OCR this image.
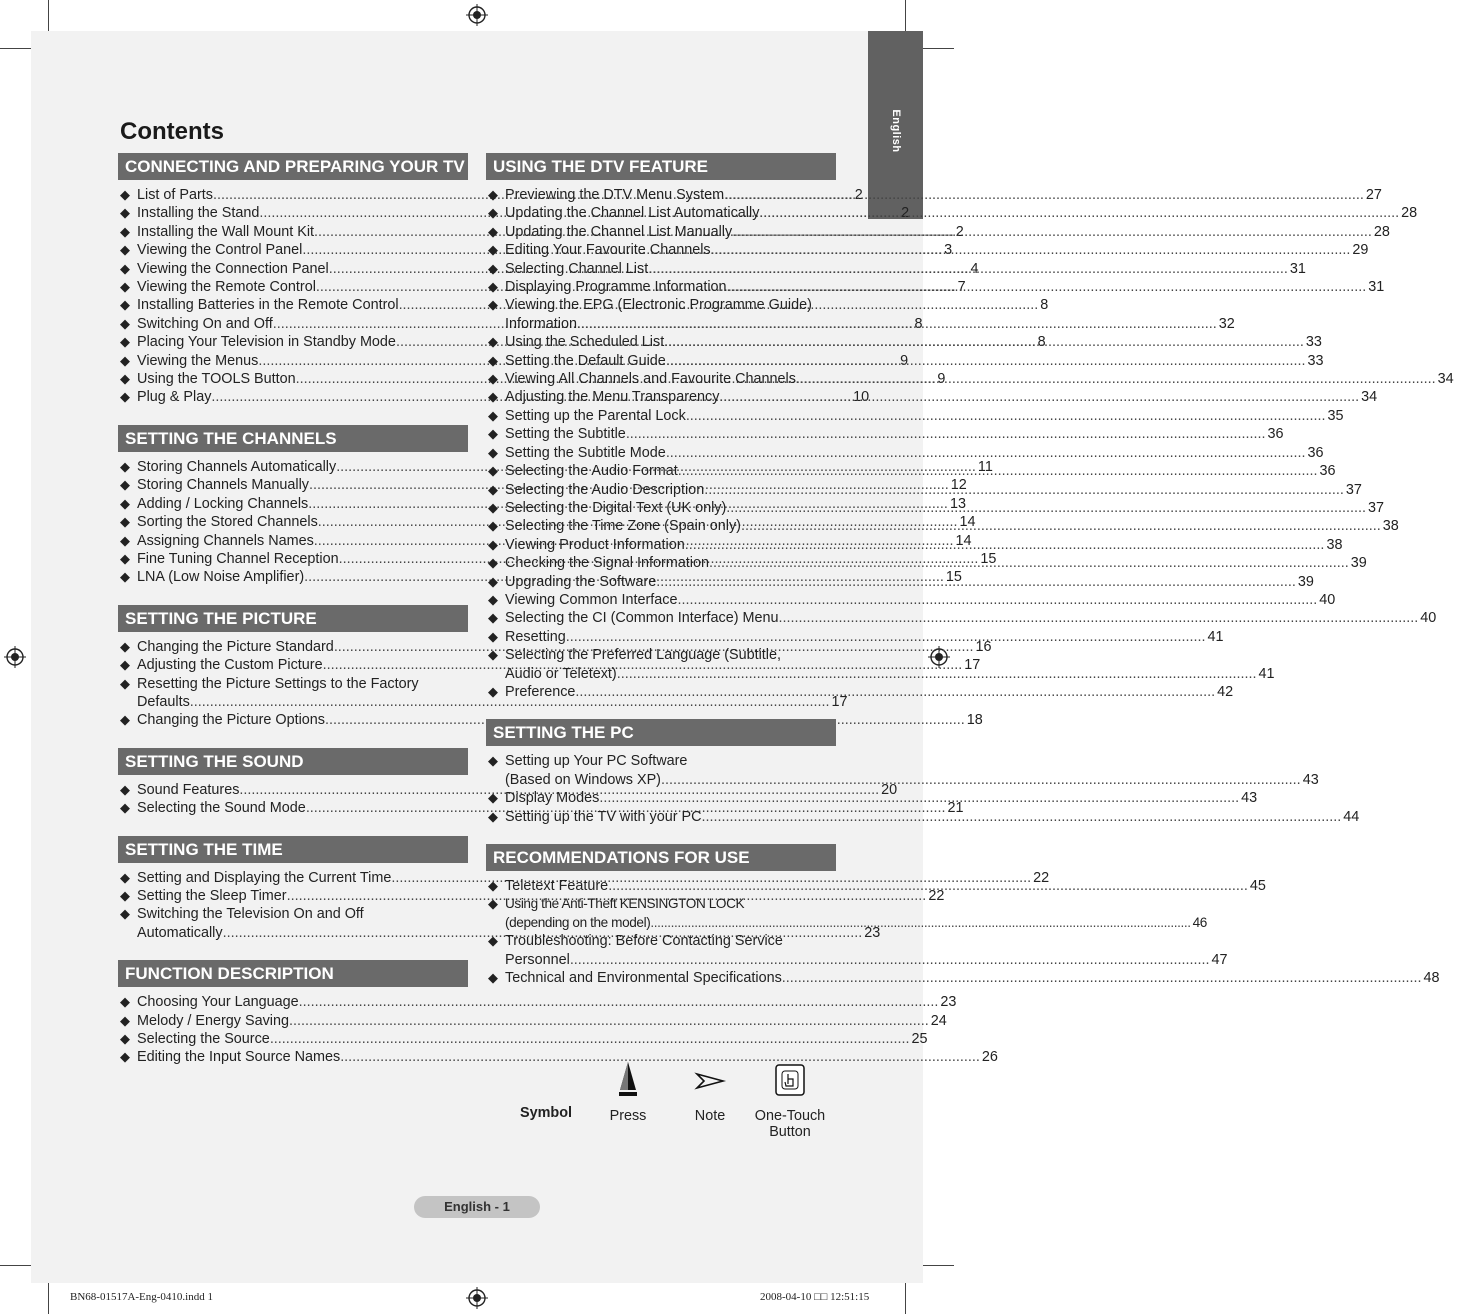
English
Contents
CONNECTING AND PREPARING YOUR TV
◆ List of Parts .....	2
◆ Installing the Stand .....	2
◆ Installing the Wall Mount Kit .....	2
◆ Viewing the Control Panel .....	3
◆ Viewing the Connection Panel .....	4
◆ Viewing the Remote Control .....	7
◆ Installing Batteries in the Remote Control .....	8
◆ Switching On and Off .....	8
◆ Placing Your Television in Standby Mode .....	8
◆ Viewing the Menus .....	9
◆ Using the TOOLS Button .....	9
◆ Plug & Play .....	10
SETTING THE CHANNELS
◆ Storing Channels Automatically .....	11
◆ Storing Channels Manually .....	12
◆ Adding / Locking Channels .....	13
◆ Sorting the Stored Channels .....	14
◆ Assigning Channels Names .....	14
◆ Fine Tuning Channel Reception .....	15
◆ LNA (Low Noise Amplifier) .....	15
SETTING THE PICTURE
◆ Changing the Picture Standard .....	16
◆ Adjusting the Custom Picture .....	17
◆ Resetting the Picture Settings to the Factory
Defaults .....	17
◆ Changing the Picture Options .....	18
SETTING THE SOUND
◆ Sound Features .....	20
◆ Selecting the Sound Mode .....	21
SETTING THE TIME
◆ Setting and Displaying the Current Time .....	22
◆ Setting the Sleep Timer .....	22
◆ Switching the Television On and Off
Automatically .....	23
FUNCTION DESCRIPTION
◆ Choosing Your Language .....	23
◆ Melody / Energy Saving .....	24
◆ Selecting the Source .....	25
◆ Editing the Input Source Names .....	26
USING THE DTV FEATURE
◆ Previewing the DTV Menu System .....	27
◆ Updating the Channel List Automatically .....	28
◆ Updating the Channel List Manually .....	28
◆ Editing Your Favourite Channels .....	29
◆ Selecting Channel List .....	31
◆ Displaying Programme Information .....	31
◆ Viewing the EPG (Electronic Programme Guide)
Information .....	32
◆ Using the Scheduled List .....	33
◆ Setting the Default Guide .....	33
◆ Viewing All Channels and Favourite Channels .....	34
◆ Adjusting the Menu Transparency .....	34
◆ Setting up the Parental Lock .....	35
◆ Setting the Subtitle .....	36
◆ Setting the Subtitle Mode .....	36
◆ Selecting the Audio Format .....	36
◆ Selecting the Audio Description .....	37
◆ Selecting the Digital Text (UK only) .....	37
◆ Selecting the Time Zone (Spain only) .....	38
◆ Viewing Product Information .....	38
◆ Checking the Signal Information .....	39
◆ Upgrading the Software .....	39
◆ Viewing Common Interface .....	40
◆ Selecting the CI (Common Interface) Menu .....	40
◆ Resetting .....	41
◆ Selecting the Preferred Language (Subtitle,
Audio or Teletext) .....	41
◆ Preference .....	42
SETTING THE PC
◆ Setting up Your PC Software
(Based on Windows XP) .....	43
◆ Display Modes .....	43
◆ Setting up the TV with your PC .....	44
RECOMMENDATIONS FOR USE
◆ Teletext Feature .....	45
◆ Using the Anti-Theft KENSINGTON LOCK
(depending on the model) .....	46
◆ Troubleshooting: Before Contacting Service
Personnel .....	47
◆ Technical and Environmental Specifications .....	48
Symbol	Press	Note	One-Touch Button
English - 1
BN68-01517A-Eng-0410.indd 1	2008-04-10 □□ 12:51:15
